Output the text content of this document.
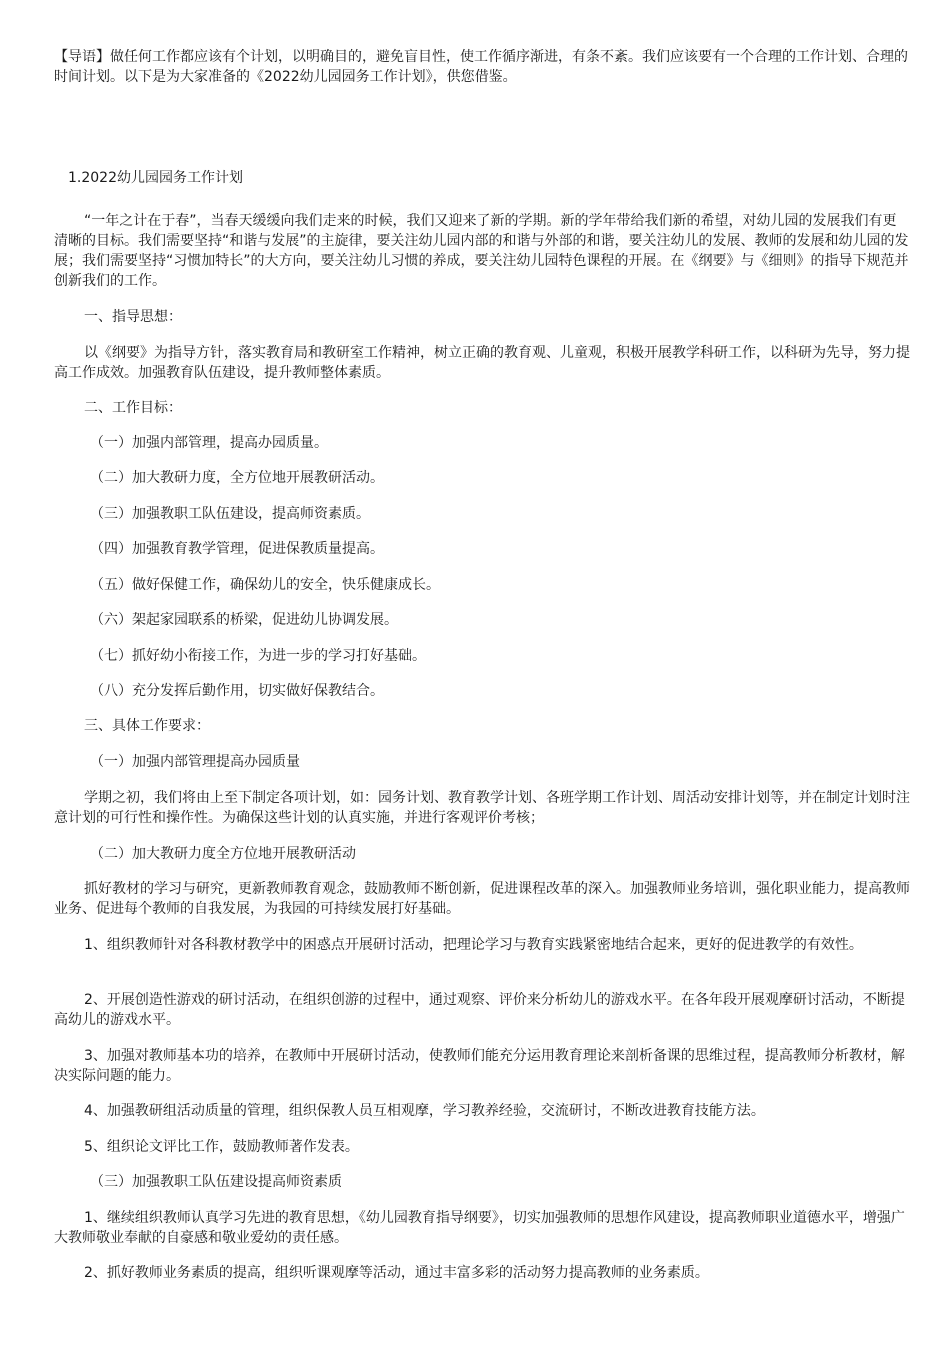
【导语】做任何工作都应该有个计划，以明确目的，避免盲目性，使工作循序渐进，有条不紊。我们应该要有一个合理的工作计划、合理的时间计划。以下是为大家准备的《2022幼儿园园务工作计划》，供您借鉴。

1.2022幼儿园园务工作计划

“一年之计在于春”，当春天缓缓向我们走来的时候，我们又迎来了新的学期。新的学年带给我们新的希望，对幼儿园的发展我们有更清晰的目标。我们需要坚持“和谐与发展”的主旋律，要关注幼儿园内部的和谐与外部的和谐，要关注幼儿的发展、教师的发展和幼儿园的发展；我们需要坚持“习惯加特长”的大方向，要关注幼儿习惯的养成，要关注幼儿园特色课程的开展。在《纲要》与《细则》的指导下规范并创新我们的工作。

一、指导思想：

以《纲要》为指导方针，落实教育局和教研室工作精神，树立正确的教育观、儿童观，积极开展教学科研工作，以科研为先导，努力提高工作成效。加强教育队伍建设，提升教师整体素质。

二、工作目标：

（一）加强内部管理，提高办园质量。

（二）加大教研力度，全方位地开展教研活动。

（三）加强教职工队伍建设，提高师资素质。

（四）加强教育教学管理，促进保教质量提高。

（五）做好保健工作，确保幼儿的安全，快乐健康成长。

（六）架起家园联系的桥梁，促进幼儿协调发展。

（七）抓好幼小衔接工作，为进一步的学习打好基础。

（八）充分发挥后勤作用，切实做好保教结合。

三、具体工作要求：

（一）加强内部管理提高办园质量

学期之初，我们将由上至下制定各项计划，如：园务计划、教育教学计划、各班学期工作计划、周活动安排计划等，并在制定计划时注意计划的可行性和操作性。为确保这些计划的认真实施，并进行客观评价考核；

（二）加大教研力度全方位地开展教研活动

抓好教材的学习与研究，更新教师教育观念，鼓励教师不断创新，促进课程改革的深入。加强教师业务培训，强化职业能力，提高教师业务、促进每个教师的自我发展，为我园的可持续发展打好基础。

1、组织教师针对各科教材教学中的困惑点开展研讨活动，把理论学习与教育实践紧密地结合起来，更好的促进教学的有效性。

2、开展创造性游戏的研讨活动，在组织创游的过程中，通过观察、评价来分析幼儿的游戏水平。在各年段开展观摩研讨活动，不断提高幼儿的游戏水平。

3、加强对教师基本功的培养，在教师中开展研讨活动，使教师们能充分运用教育理论来剖析备课的思维过程，提高教师分析教材，解决实际问题的能力。

4、加强教研组活动质量的管理，组织保教人员互相观摩，学习教养经验，交流研讨，不断改进教育技能方法。

5、组织论文评比工作，鼓励教师著作发表。

（三）加强教职工队伍建设提高师资素质

1、继续组织教师认真学习先进的教育思想，《幼儿园教育指导纲要》，切实加强教师的思想作风建设，提高教师职业道德水平，增强广大教师敬业奉献的自豪感和敬业爱幼的责任感。

2、抓好教师业务素质的提高，组织听课观摩等活动，通过丰富多彩的活动努力提高教师的业务素质。
